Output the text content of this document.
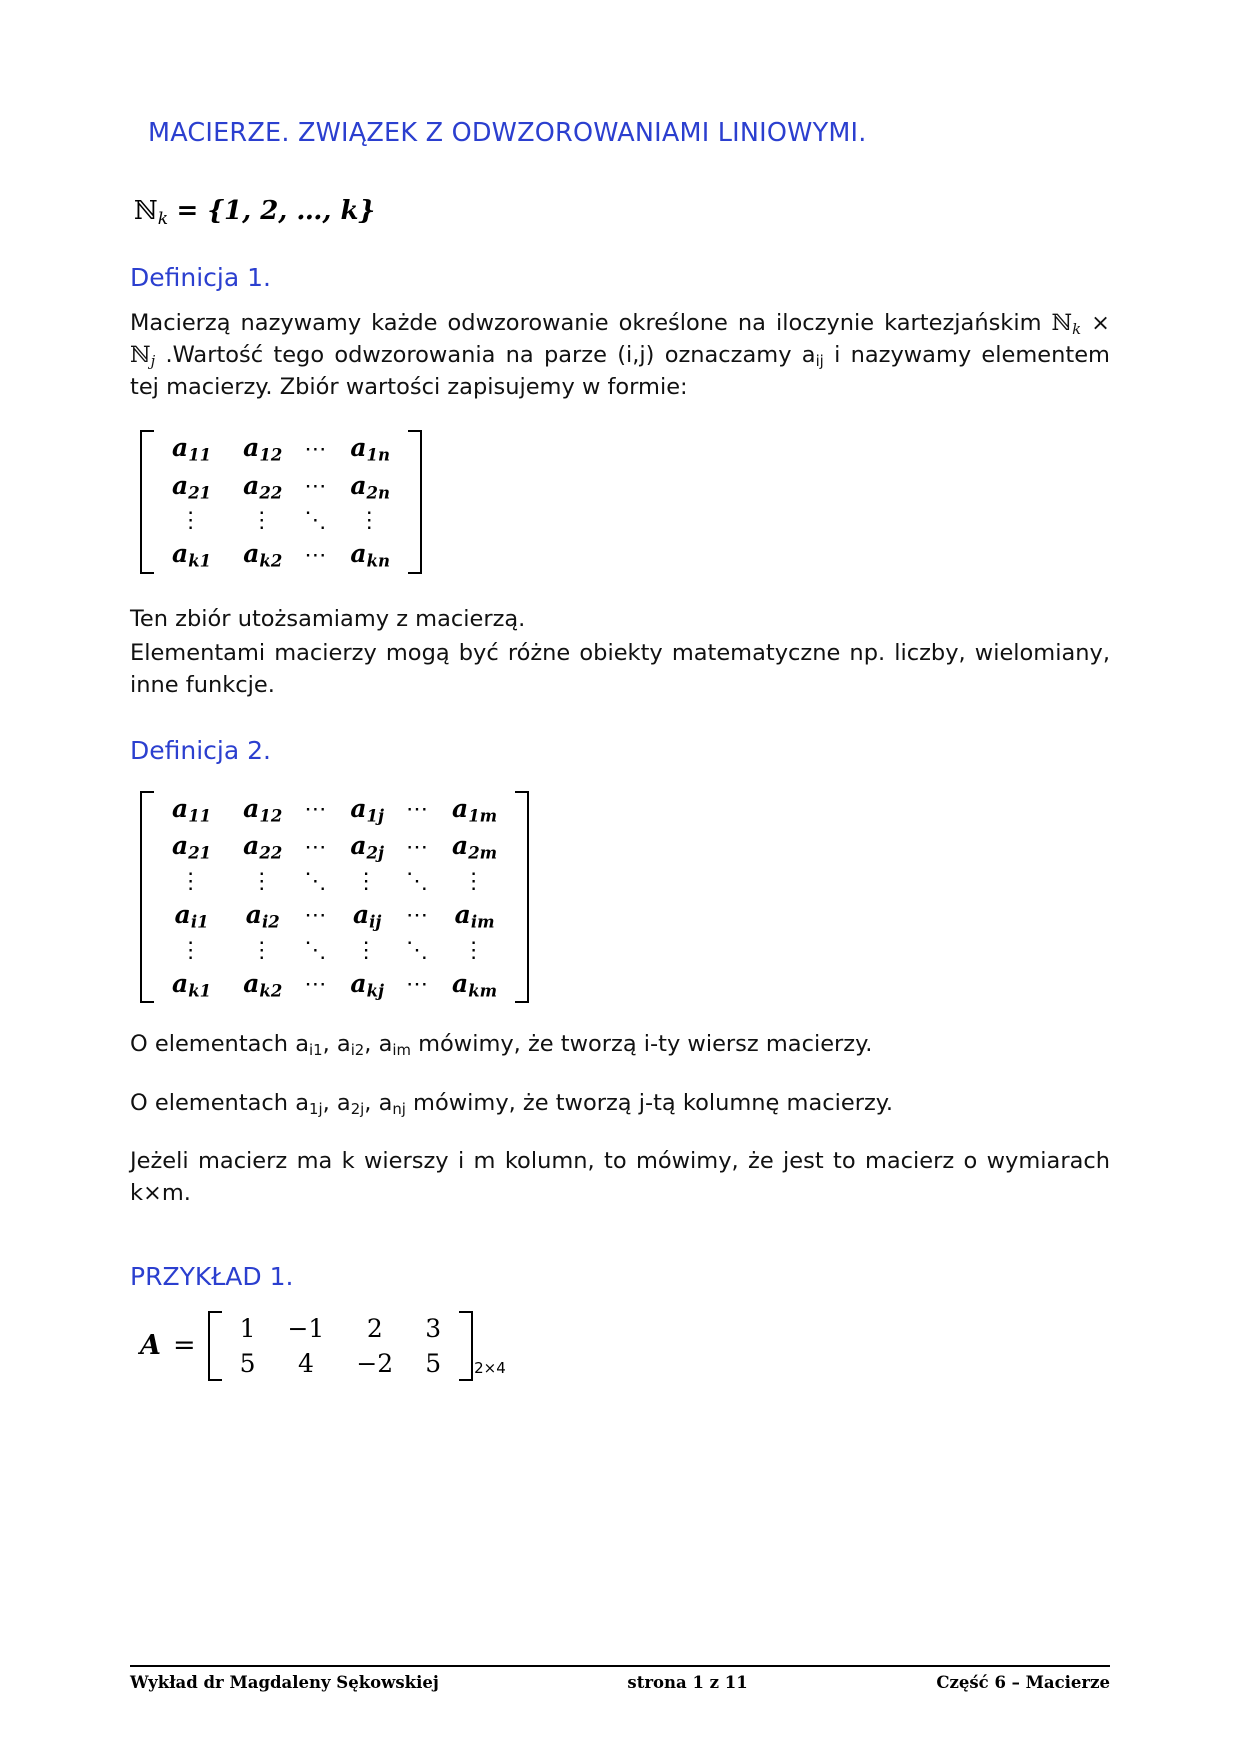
MACIERZE. ZWIĄZEK Z ODWZOROWANIAMI LINIOWYMI.
ℕ$_k$ = {1, 2, …, k}
Definicja 1.

Macierzą nazywamy każde odwzorowanie określone na iloczynie kartezjańskim ℕ$_k$ × ℕ$_j$ .Wartość tego odwzorowania na parze (i,j) oznaczamy $a_{ij}$ i nazywamy elementem tej macierzy. Zbiór wartości zapisujemy w formie:

$a_{11}$	$a_{12}$	⋯	$a_{1n}$
$a_{21}$	$a_{22}$	⋯	$a_{2n}$
⋮	⋮	⋱	⋮
$a_{k1}$	$a_{k2}$	⋯	$a_{kn}$

Ten zbiór utożsamiamy z macierzą.

Elementami macierzy mogą być różne obiekty matematyczne np. liczby, wielomiany, inne funkcje.

Definicja 2.
$a_{11}$	$a_{12}$	⋯	$a_{1j}$	⋯	$a_{1m}$
$a_{21}$	$a_{22}$	⋯	$a_{2j}$	⋯	$a_{2m}$
⋮	⋮	⋱	⋮	⋱	⋮
$a_{i1}$	$a_{i2}$	⋯	$a_{ij}$	⋯	$a_{im}$
⋮	⋮	⋱	⋮	⋱	⋮
$a_{k1}$	$a_{k2}$	⋯	$a_{kj}$	⋯	$a_{km}$

O elementach $a_{i1}$, $a_{i2}$, $a_{im}$ mówimy, że tworzą i-ty wiersz macierzy.

O elementach $a_{1j}$, $a_{2j}$, $a_{nj}$ mówimy, że tworzą j-tą kolumnę macierzy.

Jeżeli macierz ma k wierszy i m kolumn, to mówimy, że jest to macierz o wymiarach k×m.

PRZYKŁAD 1.
A =
1	−1	2	3
5	4	−2	5 2×4
Wykład dr Magdaleny Sękowskiej	strona 1 z 11	Część 6 – Macierze
